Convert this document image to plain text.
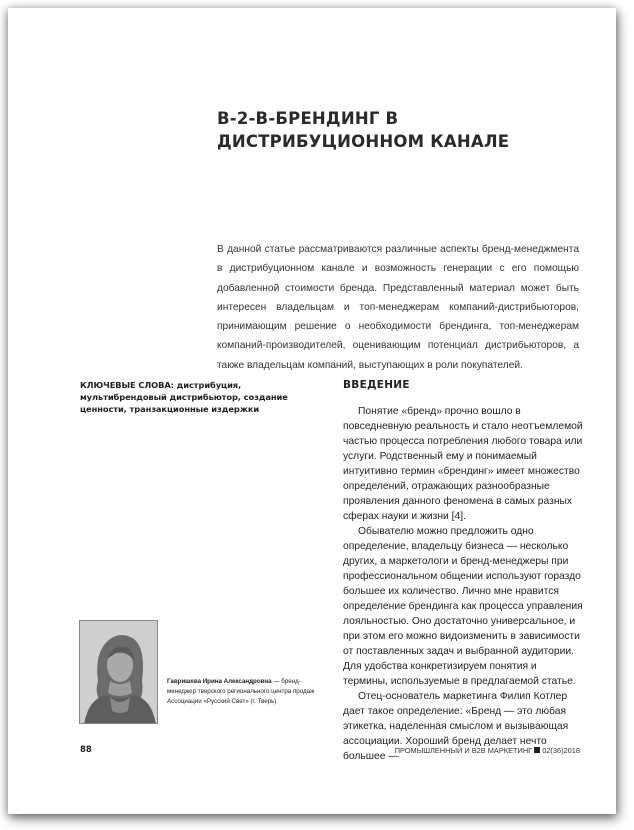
В-2-В-БРЕНДИНГ В ДИСТРИБУЦИОННОМ КАНАЛЕ

В данной статье рассматриваются различные аспекты бренд-менеджмента в дистрибуционном канале и возможность генерации с его помощью добавленной стоимости бренда. Представленный материал может быть интересен владельцам и топ-менеджерам компаний-дистрибьюторов, принимающим решение о необходимости брендинга, топ-менеджерам компаний-производителей, оценивающим потенциал дистрибьюторов, а также владельцам компаний, выступающих в роли покупателей.

КЛЮЧЕВЫЕ СЛОВА: дистрибуция, мультибрендовый дистрибьютор, создание ценности, транзакционные издержки

ВВЕДЕНИЕ

Понятие «бренд» прочно вошло в повседневную реальность и стало неотъемлемой частью процесса потребления любого товара или услуги. Родственный ему и понимаемый интуитивно термин «брендинг» имеет множество определений, отражающих разнообразные проявления данного феномена в самых разных сферах науки и жизни [4].

Обывателю можно предложить одно определение, владельцу бизнеса — несколько других, а маркетологи и бренд-менеджеры при профессиональном общении используют гораздо большее их количество. Лично мне нравится определение брендинга как процесса управления лояльностью. Оно достаточно универсальное, и при этом его можно видоизменить в зависимости от поставленных задач и выбранной аудитории. Для удобства конкретизируем понятия и термины, используемые в предлагаемой статье.

Отец-основатель маркетинга Филип Котлер дает такое определение: «Бренд — это любая этикетка, наделенная смыслом и вызывающая ассоциации. Хороший бренд делает нечто большее —

Гавришева Ирина Александровна — бренд-менеджер тверского регионального центра продаж Ассоциации «Русский Свет» (г. Тверь)

88	ПРОМЫШЛЕННЫЙ И B2B МАРКЕТИНГ 02(36)2018
